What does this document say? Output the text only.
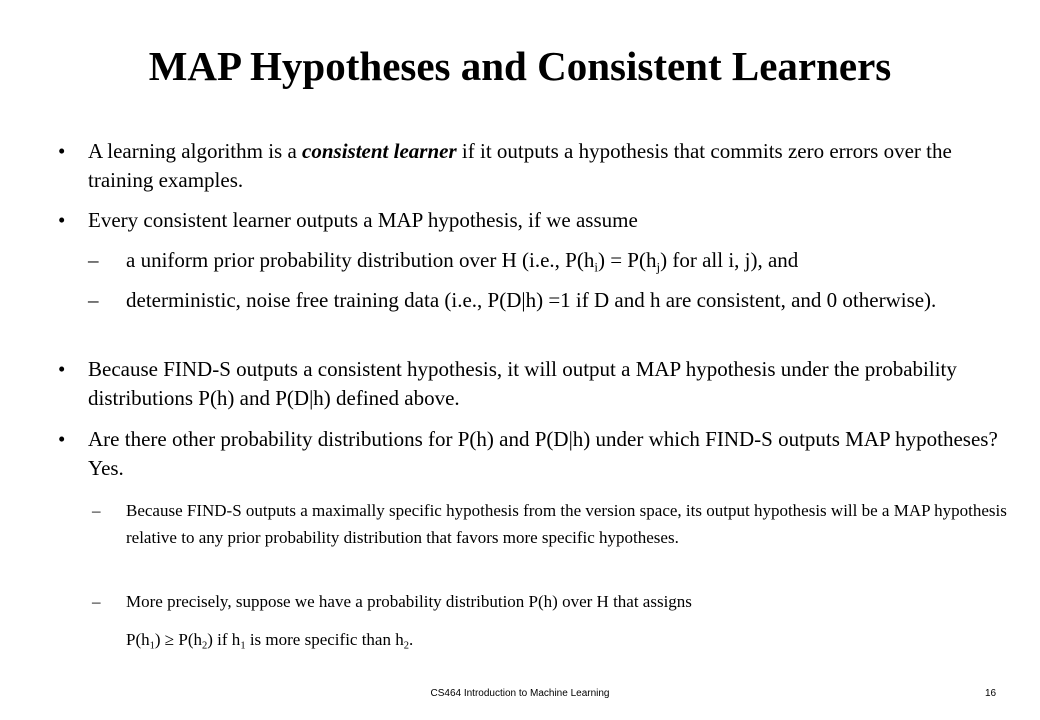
MAP Hypotheses and Consistent Learners
• A learning algorithm is a consistent learner if it outputs a hypothesis that commits zero errors over the training examples.
• Every consistent learner outputs a MAP hypothesis, if we assume
– a uniform prior probability distribution over H (i.e., $P(h_i) = P(h_j)$ for all i, j), and
– deterministic, noise free training data (i.e., P(D|h) =1 if D and h are consistent, and 0 otherwise).
• Because FIND-S outputs a consistent hypothesis, it will output a MAP hypothesis under the probability distributions P(h) and P(D|h) defined above.
• Are there other probability distributions for P(h) and P(D|h) under which FIND-S outputs MAP hypotheses? Yes.
– Because FIND-S outputs a maximally specific hypothesis from the version space, its output hypothesis will be a MAP hypothesis relative to any prior probability distribution that favors more specific hypotheses.
– More precisely, suppose we have a probability distribution P(h) over H that assigns
$P(h_1) \ge P(h_2)$ if $h_1$ is more specific than $h_2$.
CS464 Introduction to Machine Learning	16
